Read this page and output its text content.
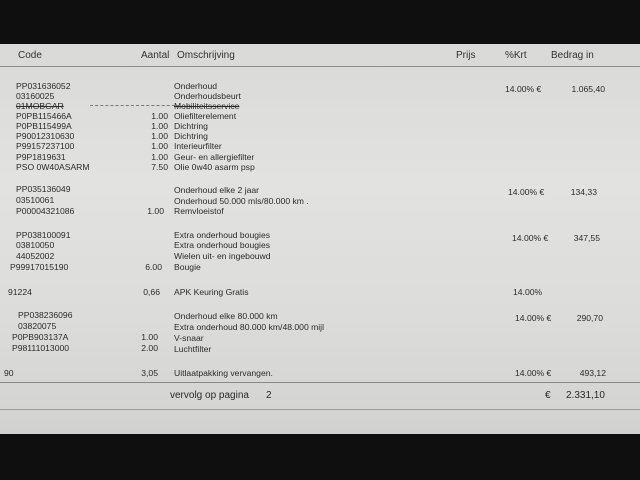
Code	Aantal Omschrijving	Prijs	%Krt Bedrag in
PP031636052	Onderhoud	14.00% €	1.065,40
03160025	Onderhoudsbeurt
01MOBGAR	Mobiliteitsservice
P0PB115466A	1.00 Oliefilterelement
P0PB115499A	1.00 Dichtring
P90012310630	1.00 Dichtring
P99157237100	1.00 Interieurfilter
P9P1819631	1.00 Geur- en allergiefilter
PSO 0W40ASARM	7.50 Olie 0w40 asarm psp
PP035136049	Onderhoud elke 2 jaar	14.00% €	134,33
03510061	Onderhoud 50.000 mls/80.000 km .
P00004321086	1.00 Remvloeistof
PP038100091	Extra onderhoud bougies	14.00% €	347,55
03810050	Extra onderhoud bougies
44052002	Wielen uit- en ingebouwd
P99917015190	6.00 Bougie
91224	0,66 APK Keuring Gratis	14.00%
PP038236096	Onderhoud elke 80.000 km	14.00% €	290,70
03820075	Extra onderhoud 80.000 km/48.000 mijl
P0PB903137A	1.00 V-snaar
P98111013000	2.00 Luchtfilter
90	3,05 Uitlaatpakking vervangen.	14.00% €	493,12
vervolg op pagina 2	€ 2.331,10
